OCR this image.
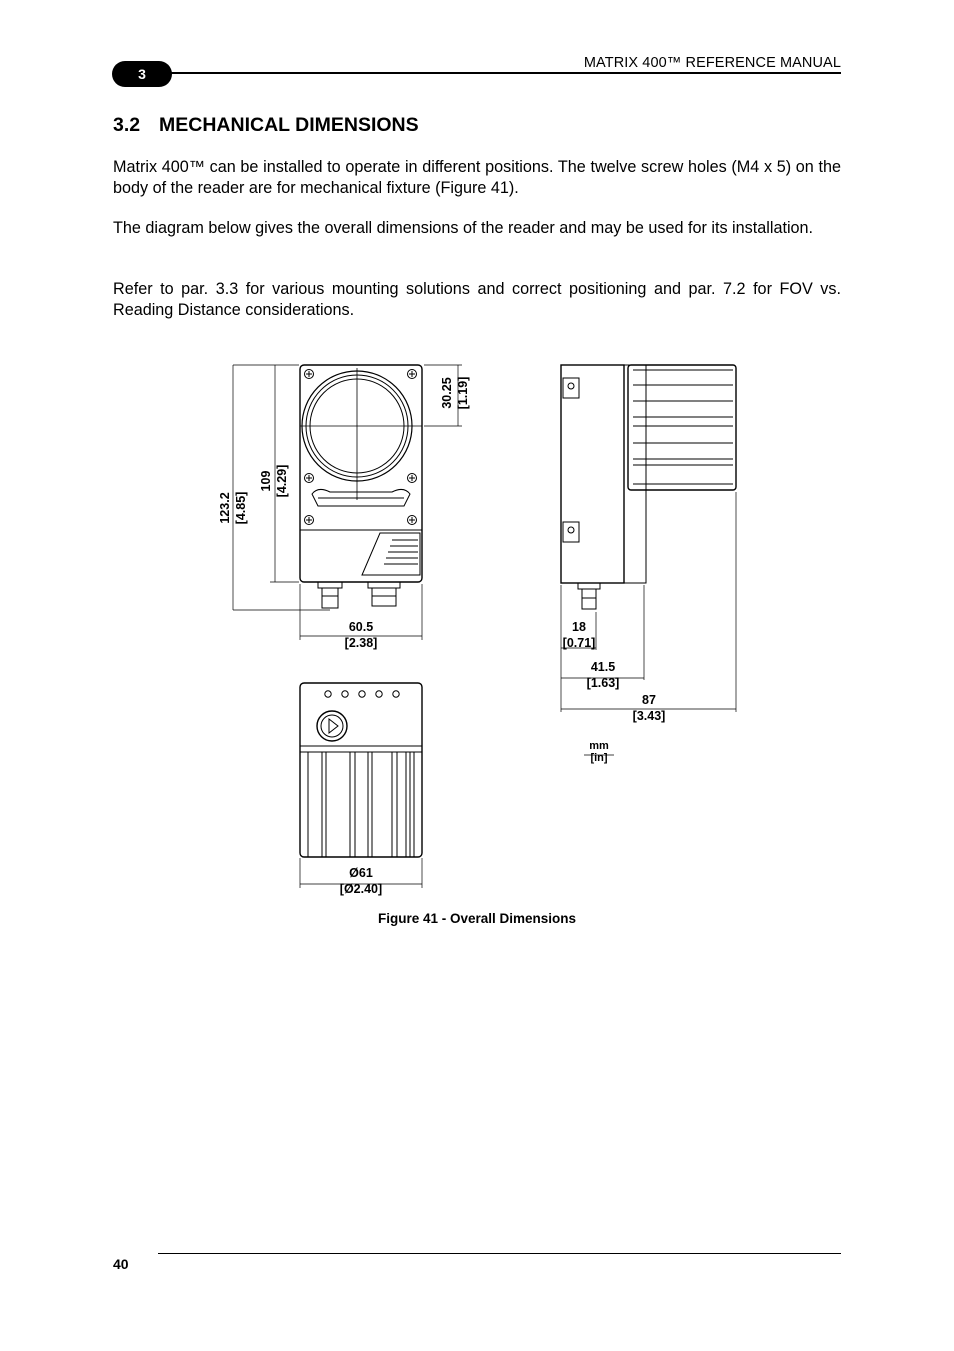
3
MATRIX 400™ REFERENCE MANUAL
3.2 MECHANICAL DIMENSIONS

Matrix 400™ can be installed to operate in different positions. The twelve screw holes (M4 x 5) on the body of the reader are for mechanical fixture (Figure 41).

The diagram below gives the overall dimensions of the reader and may be used for its installation.

Refer to par. 3.3 for various mounting solutions and correct positioning and par. 7.2 for FOV vs. Reading Distance considerations.

123.2 [4.85]
109 [4.29]
30.25 [1.19]
60.5
[2.38]
18
[0.71]
41.5
[1.63]
87
[3.43]
Ø61
[Ø2.40]
mm
[in]
Figure 41 - Overall Dimensions
40
